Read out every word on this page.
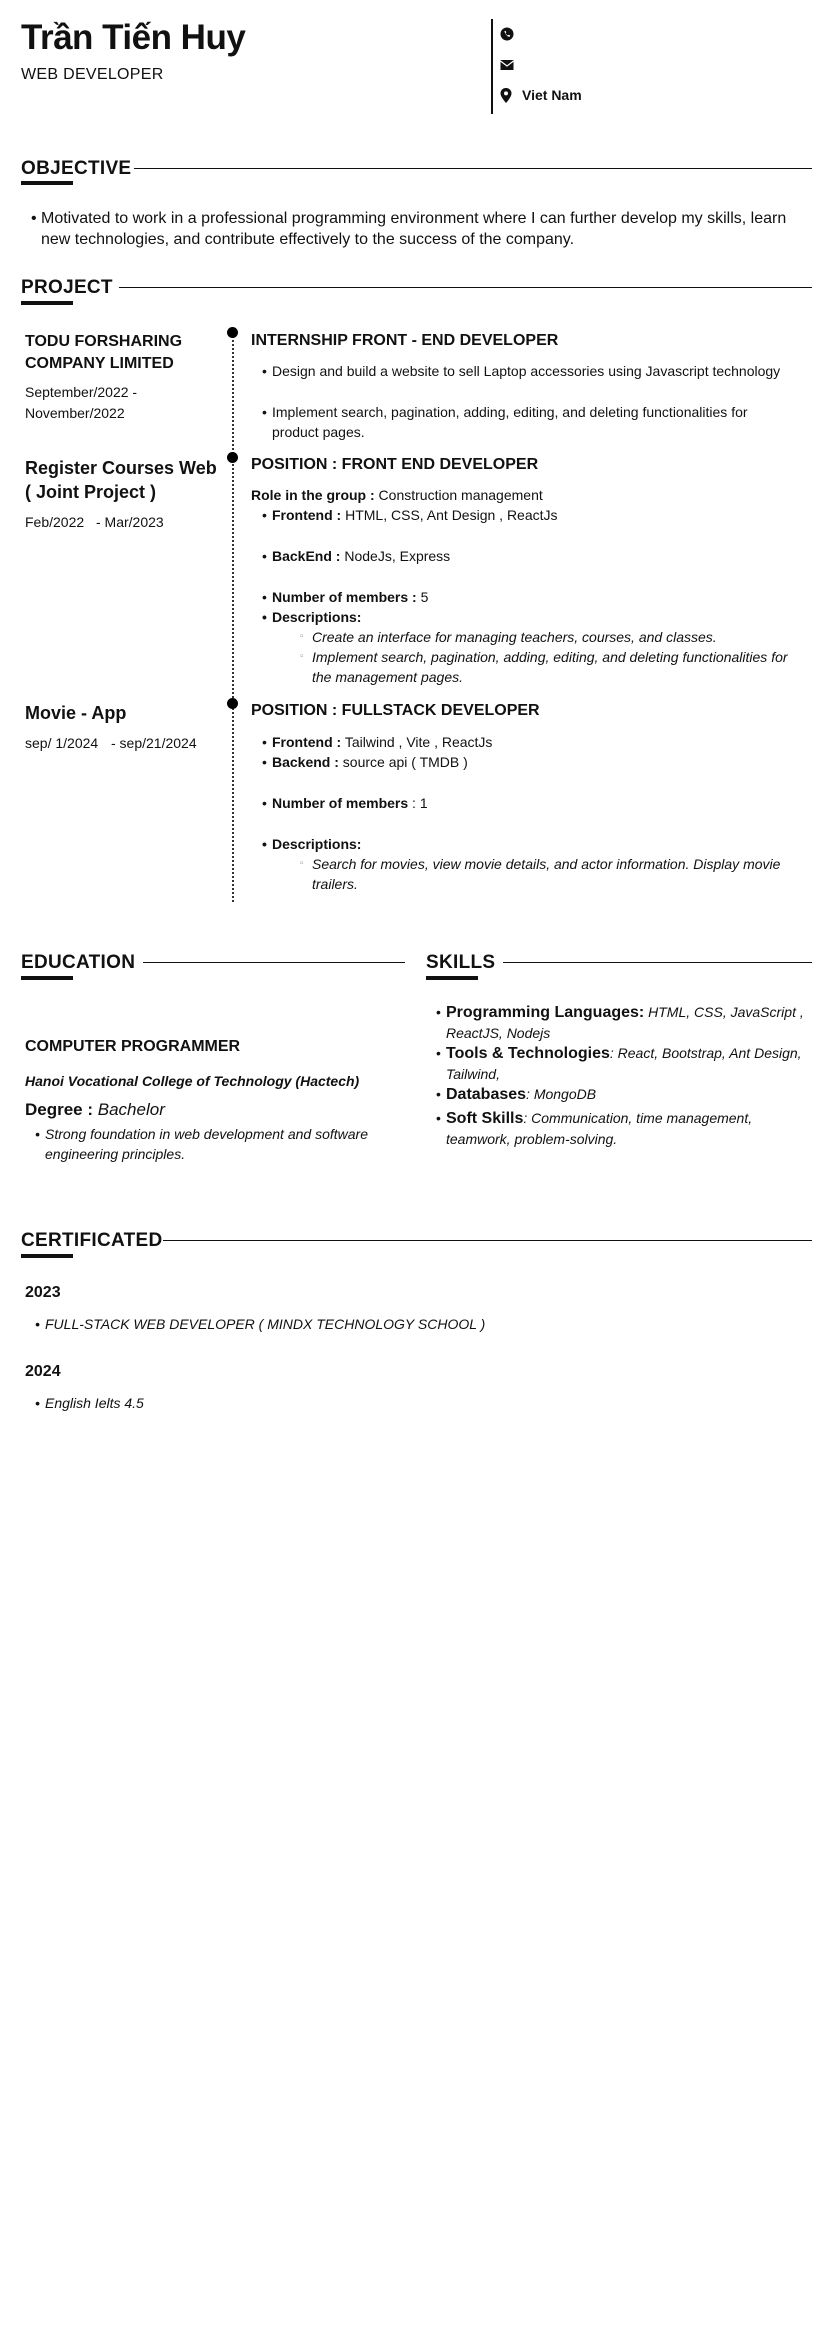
Trần Tiến Huy
WEB DEVELOPER
Viet Nam
OBJECTIVE
• Motivated to work in a professional programming environment where I can further develop my skills, learn new technologies, and contribute effectively to the success of the company.
PROJECT
TODU FORSHARING COMPANY LIMITED
September/2022 - November/2022
INTERNSHIP FRONT - END DEVELOPER
• Design and build a website to sell Laptop accessories using Javascript technology
• Implement search, pagination, adding, editing, and deleting functionalities for product pages.
Register Courses Web ( Joint Project )
Feb/2022 - Mar/2023
POSITION : FRONT END DEVELOPER
Role in the group : Construction management
• Frontend : HTML, CSS, Ant Design , ReactJs
• BackEnd : NodeJs, Express
• Number of members : 5
• Descriptions:
▫ Create an interface for managing teachers, courses, and classes.
▫ Implement search, pagination, adding, editing, and deleting functionalities for the management pages.
Movie - App
sep/ 1/2024 - sep/21/2024
POSITION : FULLSTACK DEVELOPER
• Frontend : Tailwind , Vite , ReactJs
• Backend : source api ( TMDB )
• Number of members : 1
• Descriptions:
▫ Search for movies, view movie details, and actor information. Display movie trailers.
EDUCATION
COMPUTER PROGRAMMER
Hanoi Vocational College of Technology (Hactech)
Degree : Bachelor
• Strong foundation in web development and software engineering principles.
SKILLS
• Programming Languages: HTML, CSS, JavaScript , ReactJS, Nodejs
• Tools & Technologies: React, Bootstrap, Ant Design, Tailwind,
• Databases: MongoDB
• Soft Skills: Communication, time management, teamwork, problem-solving.
CERTIFICATED
2023
• FULL-STACK WEB DEVELOPER ( MINDX TECHNOLOGY SCHOOL )
2024
• English Ielts 4.5
